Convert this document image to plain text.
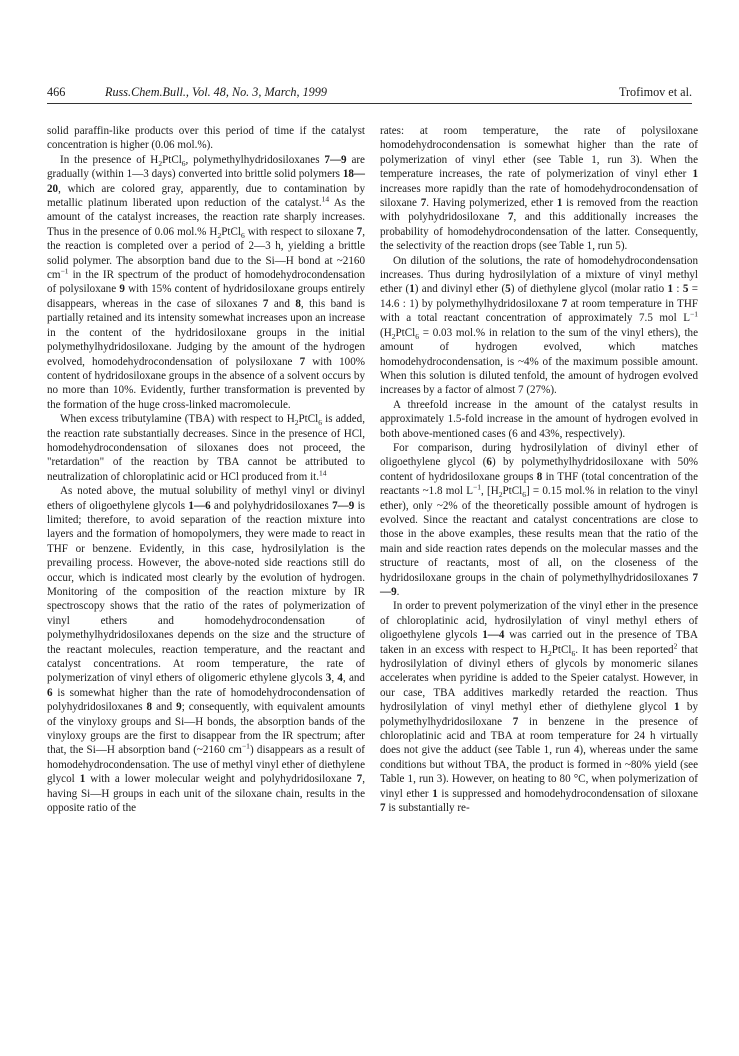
466	Russ.Chem.Bull., Vol. 48, No. 3, March, 1999	Trofimov et al.

solid paraffin-like products over this period of time if the catalyst concentration is higher (0.06 mol.%).

In the presence of $H_2PtCl_6$, polymethylhydridosiloxanes 7—9 are gradually (within 1—3 days) converted into brittle solid polymers 18—20, which are colored gray, apparently, due to contamination by metallic platinum liberated upon reduction of the catalyst.$^{14}$ As the amount of the catalyst increases, the reaction rate sharply increases. Thus in the presence of 0.06 mol.% $H_2PtCl_6$ with respect to siloxane 7, the reaction is completed over a period of 2—3 h, yielding a brittle solid polymer. The absorption band due to the Si—H bond at ~2160 $cm^{-1}$ in the IR spectrum of the product of homodehydrocondensation of polysiloxane 9 with 15% content of hydridosiloxane groups entirely disappears, whereas in the case of siloxanes 7 and 8, this band is partially retained and its intensity somewhat increases upon an increase in the content of the hydridosiloxane groups in the initial polymethylhydridosiloxane. Judging by the amount of the hydrogen evolved, homodehydrocondensation of polysiloxane 7 with 100% content of hydridosiloxane groups in the absence of a solvent occurs by no more than 10%. Evidently, further transformation is prevented by the formation of the huge cross-linked macromolecule.

When excess tributylamine (TBA) with respect to $H_2PtCl_6$ is added, the reaction rate substantially decreases. Since in the presence of HCl, homodehydrocondensation of siloxanes does not proceed, the "retardation" of the reaction by TBA cannot be attributed to neutralization of chloroplatinic acid or HCl produced from it.$^{14}$

As noted above, the mutual solubility of methyl vinyl or divinyl ethers of oligoethylene glycols 1—6 and polyhydridosiloxanes 7—9 is limited; therefore, to avoid separation of the reaction mixture into layers and the formation of homopolymers, they were made to react in THF or benzene. Evidently, in this case, hydrosilylation is the prevailing process. However, the above-noted side reactions still do occur, which is indicated most clearly by the evolution of hydrogen. Monitoring of the composition of the reaction mixture by IR spectroscopy shows that the ratio of the rates of polymerization of vinyl ethers and homodehydrocondensation of polymethylhydridosiloxanes depends on the size and the structure of the reactant molecules, reaction temperature, and the reactant and catalyst concentrations. At room temperature, the rate of polymerization of vinyl ethers of oligomeric ethylene glycols 3, 4, and 6 is somewhat higher than the rate of homodehydrocondensation of polyhydridosiloxanes 8 and 9; consequently, with equivalent amounts of the vinyloxy groups and Si—H bonds, the absorption bands of the vinyloxy groups are the first to disappear from the IR spectrum; after that, the Si—H absorption band (~2160 $cm^{-1}$) disappears as a result of homodehydrocondensation. The use of methyl vinyl ether of diethylene glycol 1 with a lower molecular weight and polyhydridosiloxane 7, having Si—H groups in each unit of the siloxane chain, results in the opposite ratio of the

rates: at room temperature, the rate of polysiloxane homodehydrocondensation is somewhat higher than the rate of polymerization of vinyl ether (see Table 1, run 3). When the temperature increases, the rate of polymerization of vinyl ether 1 increases more rapidly than the rate of homodehydrocondensation of siloxane 7. Having polymerized, ether 1 is removed from the reaction with polyhydridosiloxane 7, and this additionally increases the probability of homodehydrocondensation of the latter. Consequently, the selectivity of the reaction drops (see Table 1, run 5).

On dilution of the solutions, the rate of homodehydrocondensation increases. Thus during hydrosilylation of a mixture of vinyl methyl ether (1) and divinyl ether (5) of diethylene glycol (molar ratio 1 : 5 = 14.6 : 1) by polymethylhydridosiloxane 7 at room temperature in THF with a total reactant concentration of approximately 7.5 mol $L^{-1}$ ($H_2PtCl_6 = 0.03$ mol.% in relation to the sum of the vinyl ethers), the amount of hydrogen evolved, which matches homodehydrocondensation, is ~4% of the maximum possible amount. When this solution is diluted tenfold, the amount of hydrogen evolved increases by a factor of almost 7 (27%).

A threefold increase in the amount of the catalyst results in approximately 1.5-fold increase in the amount of hydrogen evolved in both above-mentioned cases (6 and 43%, respectively).

For comparison, during hydrosilylation of divinyl ether of oligoethylene glycol (6) by polymethylhydridosiloxane with 50% content of hydridosiloxane groups 8 in THF (total concentration of the reactants ~1.8 mol $L^{-1}$, $[H_2PtCl_6] = 0.15$ mol.% in relation to the vinyl ether), only ~2% of the theoretically possible amount of hydrogen is evolved. Since the reactant and catalyst concentrations are close to those in the above examples, these results mean that the ratio of the main and side reaction rates depends on the molecular masses and the structure of reactants, most of all, on the closeness of the hydridosiloxane groups in the chain of polymethylhydridosiloxanes 7—9.

In order to prevent polymerization of the vinyl ether in the presence of chloroplatinic acid, hydrosilylation of vinyl methyl ethers of oligoethylene glycols 1—4 was carried out in the presence of TBA taken in an excess with respect to $H_2PtCl_6$. It has been reported$^2$ that hydrosilylation of divinyl ethers of glycols by monomeric silanes accelerates when pyridine is added to the Speier catalyst. However, in our case, TBA additives markedly retarded the reaction. Thus hydrosilylation of vinyl methyl ether of diethylene glycol 1 by polymethylhydridosiloxane 7 in benzene in the presence of chloroplatinic acid and TBA at room temperature for 24 h virtually does not give the adduct (see Table 1, run 4), whereas under the same conditions but without TBA, the product is formed in ~80% yield (see Table 1, run 3). However, on heating to 80 °C, when polymerization of vinyl ether 1 is suppressed and homodehydrocondensation of siloxane 7 is substantially re-
